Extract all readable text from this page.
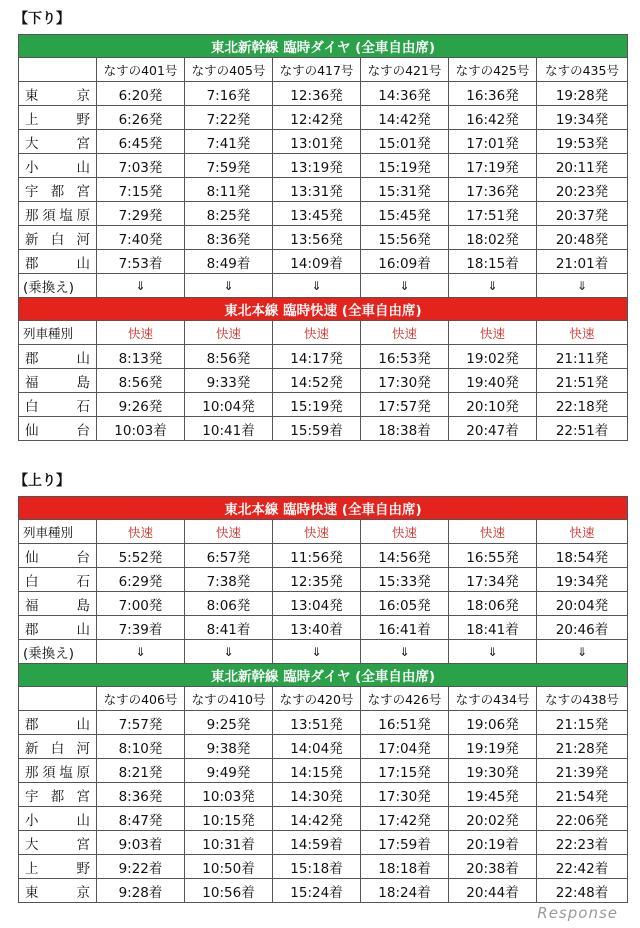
【下り】
東北新幹線 臨時ダイヤ (全車自由席)						
	なすの401号	なすの405号	なすの417号	なすの421号	なすの425号	なすの435号
東京	6:20発	7:16発	12:36発	14:36発	16:36発	19:28発
上野	6:26発	7:22発	12:42発	14:42発	16:42発	19:34発
大宮	6:45発	7:41発	13:01発	15:01発	17:01発	19:53発
小山	7:03発	7:59発	13:19発	15:19発	17:19発	20:11発
宇都宮	7:15発	8:11発	13:31発	15:31発	17:36発	20:23発
那須塩原	7:29発	8:25発	13:45発	15:45発	17:51発	20:37発
新白河	7:40発	8:36発	13:56発	15:56発	18:02発	20:48発
郡山	7:53着	8:49着	14:09着	16:09着	18:15着	21:01着
(乗換え)	⇓	⇓	⇓	⇓	⇓	⇓
東北本線 臨時快速 (全車自由席)						
列車種別	快速	快速	快速	快速	快速	快速
郡山	8:13発	8:56発	14:17発	16:53発	19:02発	21:11発
福島	8:56発	9:33発	14:52発	17:30発	19:40発	21:51発
白石	9:26発	10:04発	15:19発	17:57発	20:10発	22:18発
仙台	10:03着	10:41着	15:59着	18:38着	20:47着	22:51着
【上り】
東北本線 臨時快速 (全車自由席)						
列車種別	快速	快速	快速	快速	快速	快速
仙台	5:52発	6:57発	11:56発	14:56発	16:55発	18:54発
白石	6:29発	7:38発	12:35発	15:33発	17:34発	19:34発
福島	7:00発	8:06発	13:04発	16:05発	18:06発	20:04発
郡山	7:39着	8:41着	13:40着	16:41着	18:41着	20:46着
(乗換え)	⇓	⇓	⇓	⇓	⇓	⇓
東北新幹線 臨時ダイヤ (全車自由席)						
	なすの406号	なすの410号	なすの420号	なすの426号	なすの434号	なすの438号
郡山	7:57発	9:25発	13:51発	16:51発	19:06発	21:15発
新白河	8:10発	9:38発	14:04発	17:04発	19:19発	21:28発
那須塩原	8:21発	9:49発	14:15発	17:15発	19:30発	21:39発
宇都宮	8:36発	10:03発	14:30発	17:30発	19:45発	21:54発
小山	8:47発	10:15発	14:42発	17:42発	20:02発	22:06発
大宮	9:03着	10:31着	14:59着	17:59着	20:19着	22:23着
上野	9:22着	10:50着	15:18着	18:18着	20:38着	22:42着
東京	9:28着	10:56着	15:24着	18:24着	20:44着	22:48着
Response
